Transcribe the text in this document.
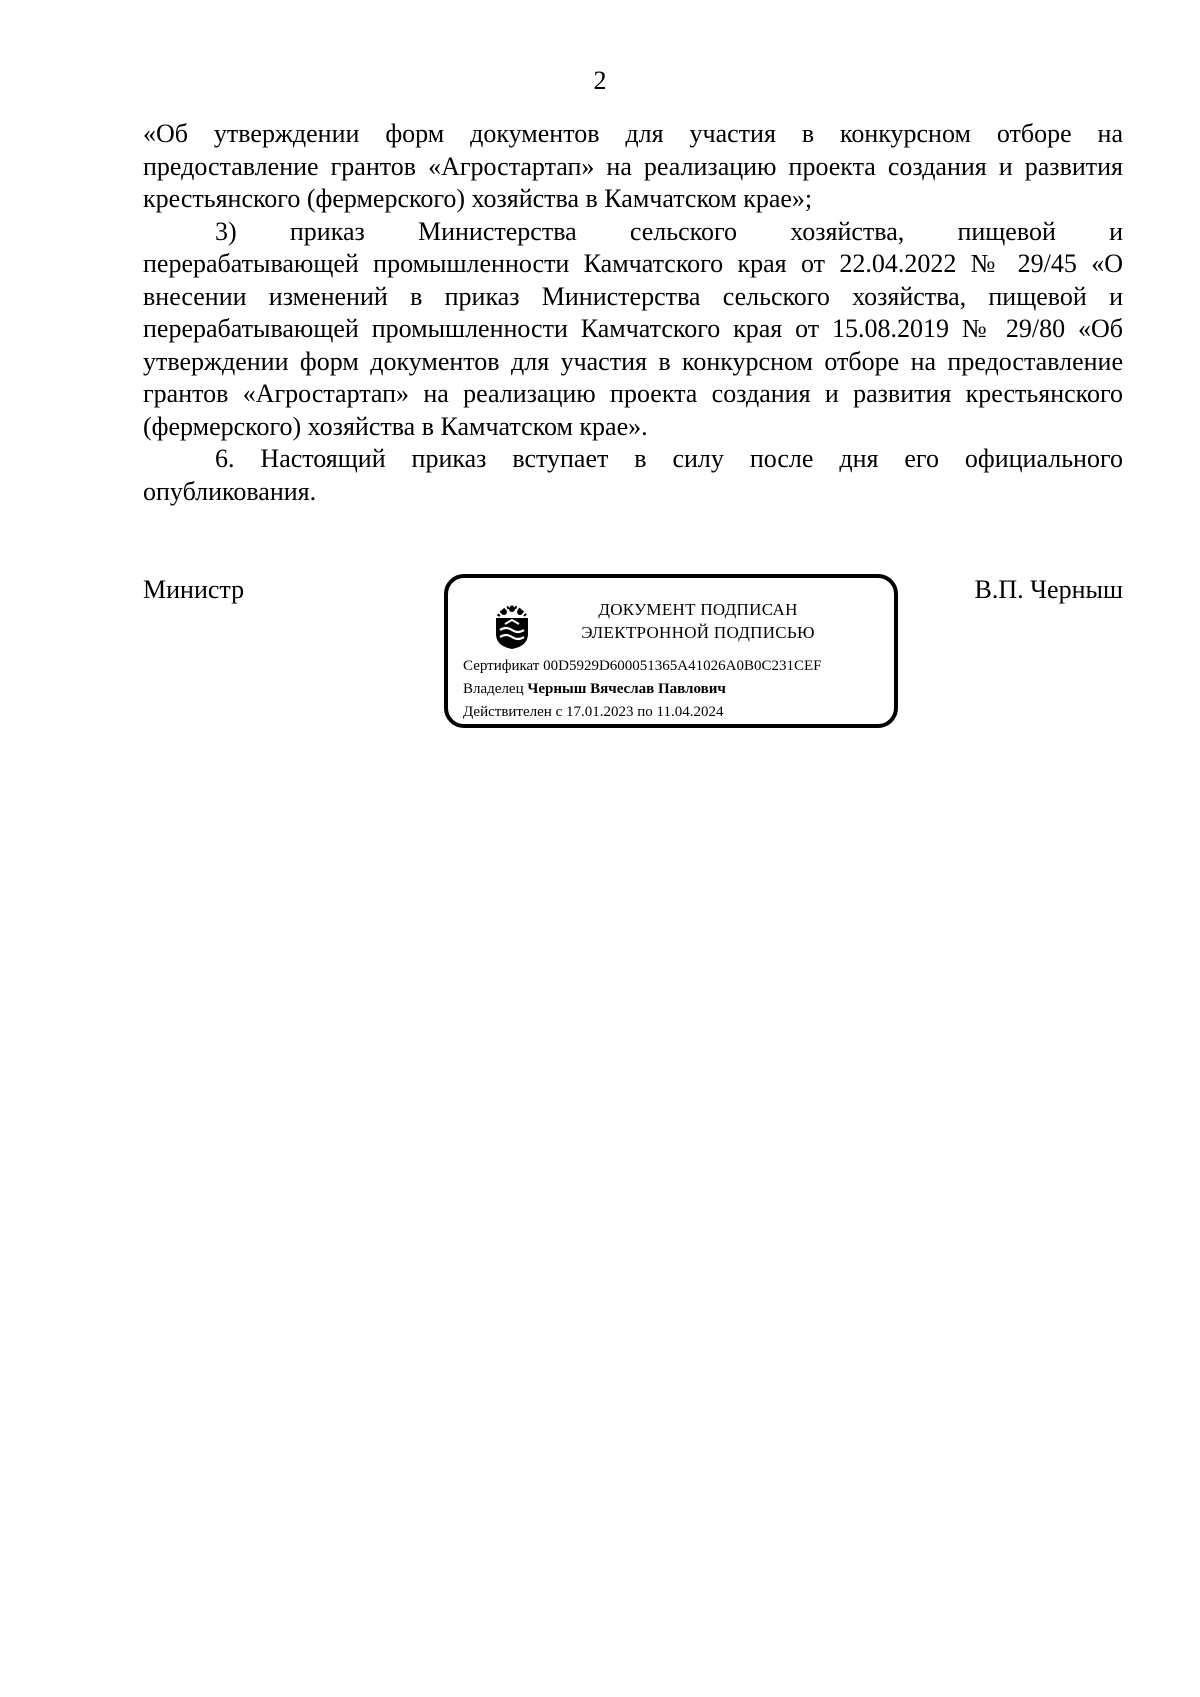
2

«Об утверждении форм документов для участия в конкурсном отборе на предоставление грантов «Агростартап» на реализацию проекта создания и развития крестьянского (фермерского) хозяйства в Камчатском крае»;

3) приказ Министерства сельского хозяйства, пищевой и

перерабатывающей промышленности Камчатского края от 22.04.2022 № 29/45 «О внесении изменений в приказ Министерства сельского хозяйства, пищевой и перерабатывающей промышленности Камчатского края от 15.08.2019 № 29/80 «Об утверждении форм документов для участия в конкурсном отборе на предоставление грантов «Агростартап» на реализацию проекта создания и развития крестьянского (фермерского) хозяйства в Камчатском крае».

6. Настоящий приказ вступает в силу после дня его официального опубликования.

Министр
ДОКУМЕНТ ПОДПИСАН
ЭЛЕКТРОННОЙ ПОДПИСЬЮ
Сертификат 00D5929D600051365A41026A0B0C231CEF
Владелец Черныш Вячеслав Павлович
Действителен с 17.01.2023 по 11.04.2024
В.П. Черныш
